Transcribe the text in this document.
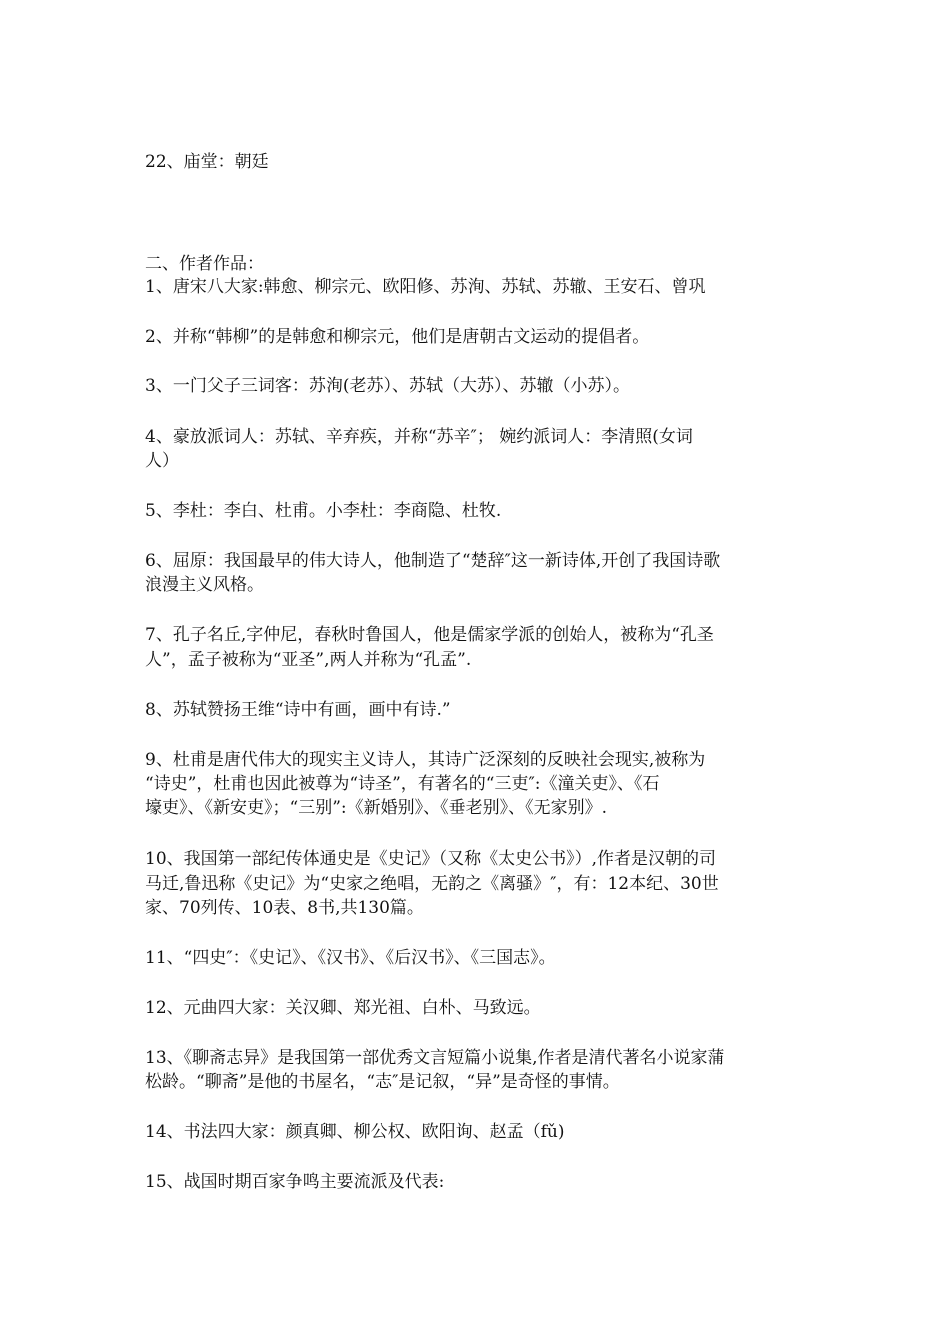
22、庙堂：朝廷
二、作者作品：
1、唐宋八大家:韩愈、柳宗元、欧阳修、苏洵、苏轼、苏辙、王安石、曾巩
2、并称“韩柳”的是韩愈和柳宗元，他们是唐朝古文运动的提倡者。
3、一门父子三词客：苏洵(老苏）、苏轼（大苏）、苏辙（小苏）。
4、豪放派词人：苏轼、辛弃疾，并称“苏辛″； 婉约派词人：李清照(女词
人）
5、李杜：李白、杜甫。小李杜：李商隐、杜牧.
6、屈原：我国最早的伟大诗人，他制造了“楚辞″这一新诗体,开创了我国诗歌
浪漫主义风格。
7、孔子名丘,字仲尼，春秋时鲁国人，他是儒家学派的创始人，被称为“孔圣
人”，孟子被称为“亚圣”,两人并称为“孔孟”.
8、苏轼赞扬王维“诗中有画，画中有诗.”
9、杜甫是唐代伟大的现实主义诗人，其诗广泛深刻的反映社会现实,被称为
“诗史”，杜甫也因此被尊为“诗圣”，有著名的“三吏″:《潼关吏》、《石
壕吏》、《新安吏》；“三别”:《新婚别》、《垂老别》、《无家别》.
10、我国第一部纪传体通史是《史记》（又称《太史公书》）,作者是汉朝的司
马迁,鲁迅称《史记》为“史家之绝唱，无韵之《离骚》″，有：12本纪、30世
家、70列传、10表、8书,共130篇。
11、“四史″：《史记》、《汉书》、《后汉书》、《三国志》。
12、元曲四大家：关汉卿、郑光祖、白朴、马致远。
13、《聊斋志异》是我国第一部优秀文言短篇小说集,作者是清代著名小说家蒲
松龄。“聊斋”是他的书屋名，“志″是记叙，“异”是奇怪的事情。
14、书法四大家：颜真卿、柳公权、欧阳询、赵孟（fǔ)
15、战国时期百家争鸣主要流派及代表:
